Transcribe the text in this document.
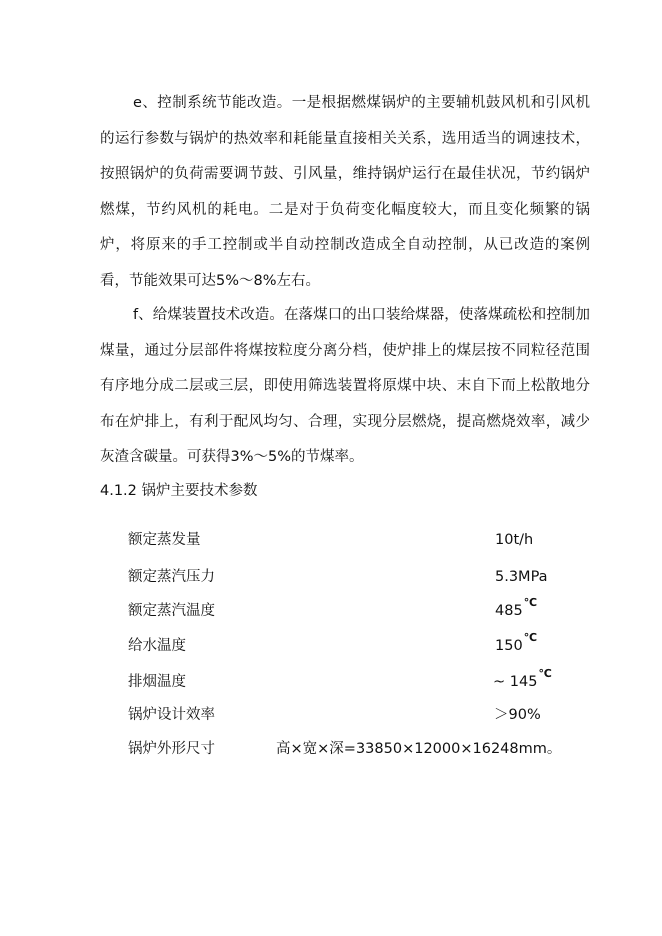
e、控制系统节能改造。一是根据燃煤锅炉的主要辅机鼓风机和引风机的运行参数与锅炉的热效率和耗能量直接相关关系，选用适当的调速技术，按照锅炉的负荷需要调节鼓、引风量，维持锅炉运行在最佳状况，节约锅炉燃煤，节约风机的耗电。二是对于负荷变化幅度较大，而且变化频繁的锅炉，将原来的手工控制或半自动控制改造成全自动控制，从已改造的案例看，节能效果可达5%～8%左右。

f、给煤装置技术改造。在落煤口的出口装给煤器，使落煤疏松和控制加煤量，通过分层部件将煤按粒度分离分档，使炉排上的煤层按不同粒径范围有序地分成二层或三层，即使用筛选装置将原煤中块、末自下而上松散地分布在炉排上，有利于配风均匀、合理，实现分层燃烧，提高燃烧效率，减少灰渣含碳量。可获得3%～5%的节煤率。

4.1.2 锅炉主要技术参数
额定蒸发量	10t/h
额定蒸汽压力	5.3MPa
额定蒸汽温度	485℃
给水温度	150℃
排烟温度	~ 145℃
锅炉设计效率	＞90%
锅炉外形尺寸	高×宽×深=33850×12000×16248mm。
